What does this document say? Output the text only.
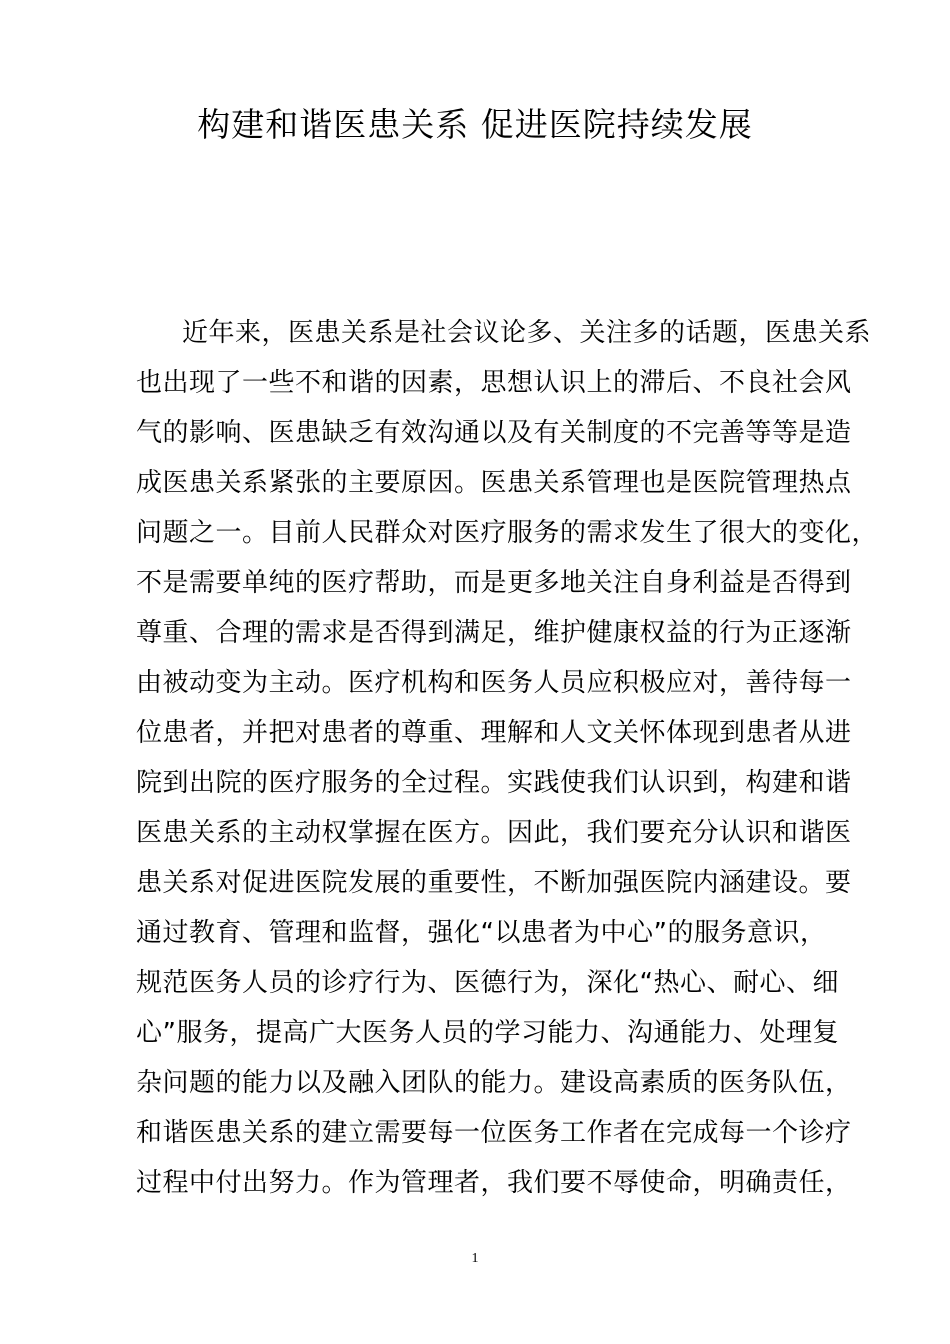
构建和谐医患关系 促进医院持续发展
近年来，医患关系是社会议论多、关注多的话题，医患关系
也出现了一些不和谐的因素，思想认识上的滞后、不良社会风
气的影响、医患缺乏有效沟通以及有关制度的不完善等等是造
成医患关系紧张的主要原因。医患关系管理也是医院管理热点
问题之一。目前人民群众对医疗服务的需求发生了很大的变化，
不是需要单纯的医疗帮助，而是更多地关注自身利益是否得到
尊重、合理的需求是否得到满足，维护健康权益的行为正逐渐
由被动变为主动。医疗机构和医务人员应积极应对，善待每一
位患者，并把对患者的尊重、理解和人文关怀体现到患者从进
院到出院的医疗服务的全过程。实践使我们认识到，构建和谐
医患关系的主动权掌握在医方。因此，我们要充分认识和谐医
患关系对促进医院发展的重要性，不断加强医院内涵建设。要
通过教育、管理和监督，强化“以患者为中心”的服务意识，
规范医务人员的诊疗行为、医德行为，深化“热心、耐心、细
心”服务，提高广大医务人员的学习能力、沟通能力、处理复
杂问题的能力以及融入团队的能力。建设高素质的医务队伍，
和谐医患关系的建立需要每一位医务工作者在完成每一个诊疗
过程中付出努力。作为管理者，我们要不辱使命，明确责任，
1
